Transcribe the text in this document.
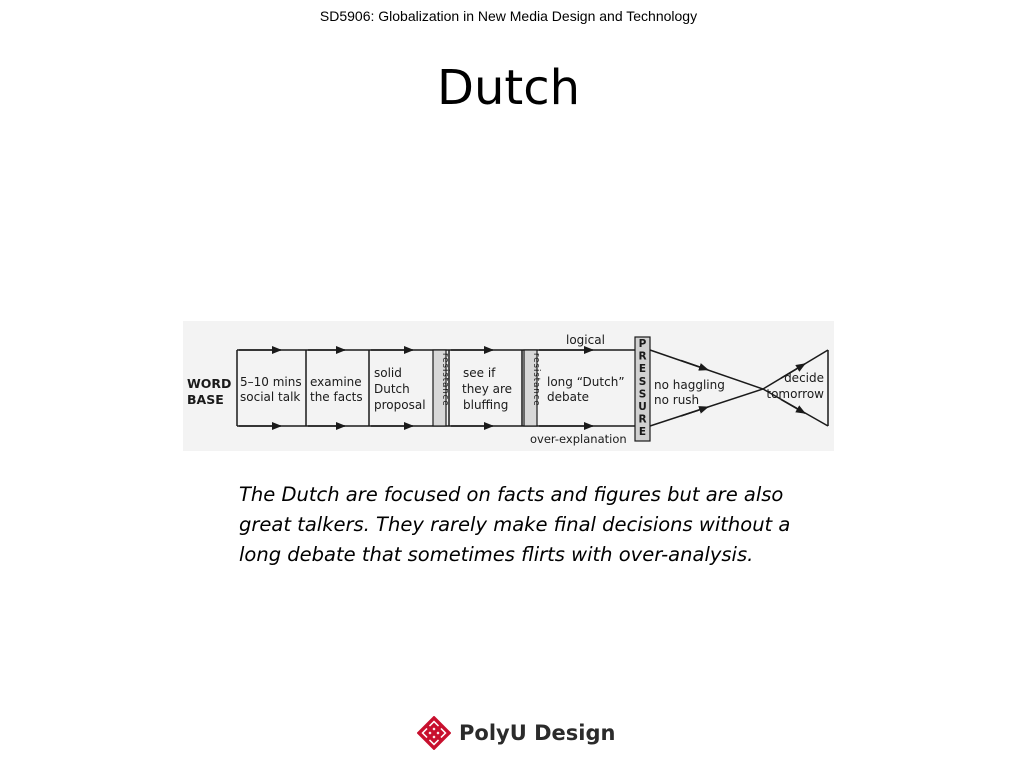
SD5906: Globalization in New Media Design and Technology
Dutch
WORD
BASE	resistance	resistance
5–10 mins
social talk
examine
the facts
solid
Dutch
proposal
see if
they are
bluffing
long “Dutch”
debate
logical
over-explanation
P R E S S U R E
no haggling
no rush
decide
tomorrow

The Dutch are focused on facts and figures but are also
great talkers. They rarely make final decisions without a
long debate that sometimes flirts with over-analysis.

PolyU Design
